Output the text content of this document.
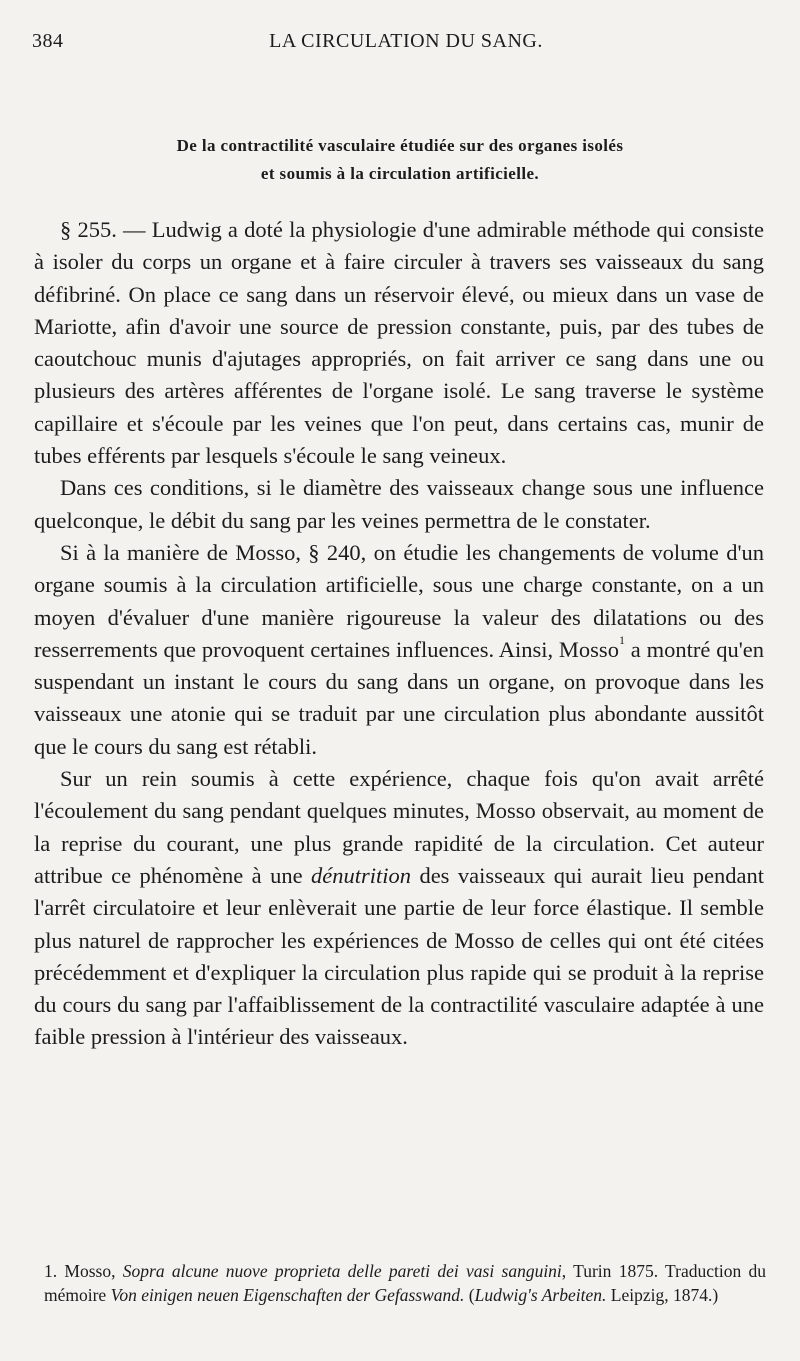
384	LA CIRCULATION DU SANG.
De la contractilité vasculaire étudiée sur des organes isolés
et soumis à la circulation artificielle.

§ 255. — Ludwig a doté la physiologie d'une admirable méthode qui consiste à isoler du corps un organe et à faire circuler à travers ses vaisseaux du sang défibriné. On place ce sang dans un réservoir élevé, ou mieux dans un vase de Mariotte, afin d'avoir une source de pression constante, puis, par des tubes de caoutchouc munis d'ajutages appropriés, on fait arriver ce sang dans une ou plusieurs des artères afférentes de l'organe isolé. Le sang traverse le système capillaire et s'écoule par les veines que l'on peut, dans certains cas, munir de tubes efférents par lesquels s'écoule le sang veineux.

Dans ces conditions, si le diamètre des vaisseaux change sous une influence quelconque, le débit du sang par les veines permettra de le constater.

Si à la manière de Mosso, § 240, on étudie les changements de volume d'un organe soumis à la circulation artificielle, sous une charge constante, on a un moyen d'évaluer d'une manière rigoureuse la valeur des dilatations ou des resserrements que provoquent certaines influences. Ainsi, Mosso$^1$ a montré qu'en suspendant un instant le cours du sang dans un organe, on provoque dans les vaisseaux une atonie qui se traduit par une circulation plus abondante aussitôt que le cours du sang est rétabli.

Sur un rein soumis à cette expérience, chaque fois qu'on avait arrêté l'écoulement du sang pendant quelques minutes, Mosso observait, au moment de la reprise du courant, une plus grande rapidité de la circulation. Cet auteur attribue ce phénomène à une dénutrition des vaisseaux qui aurait lieu pendant l'arrêt circulatoire et leur enlèverait une partie de leur force élastique. Il semble plus naturel de rapprocher les expériences de Mosso de celles qui ont été citées précédemment et d'expliquer la circulation plus rapide qui se produit à la reprise du cours du sang par l'affaiblissement de la contractilité vasculaire adaptée à une faible pression à l'intérieur des vaisseaux.

1. Mosso, Sopra alcune nuove proprieta delle pareti dei vasi sanguini, Turin 1875. Traduction du mémoire Von einigen neuen Eigenschaften der Gefasswand. (Ludwig's Arbeiten. Leipzig, 1874.)
